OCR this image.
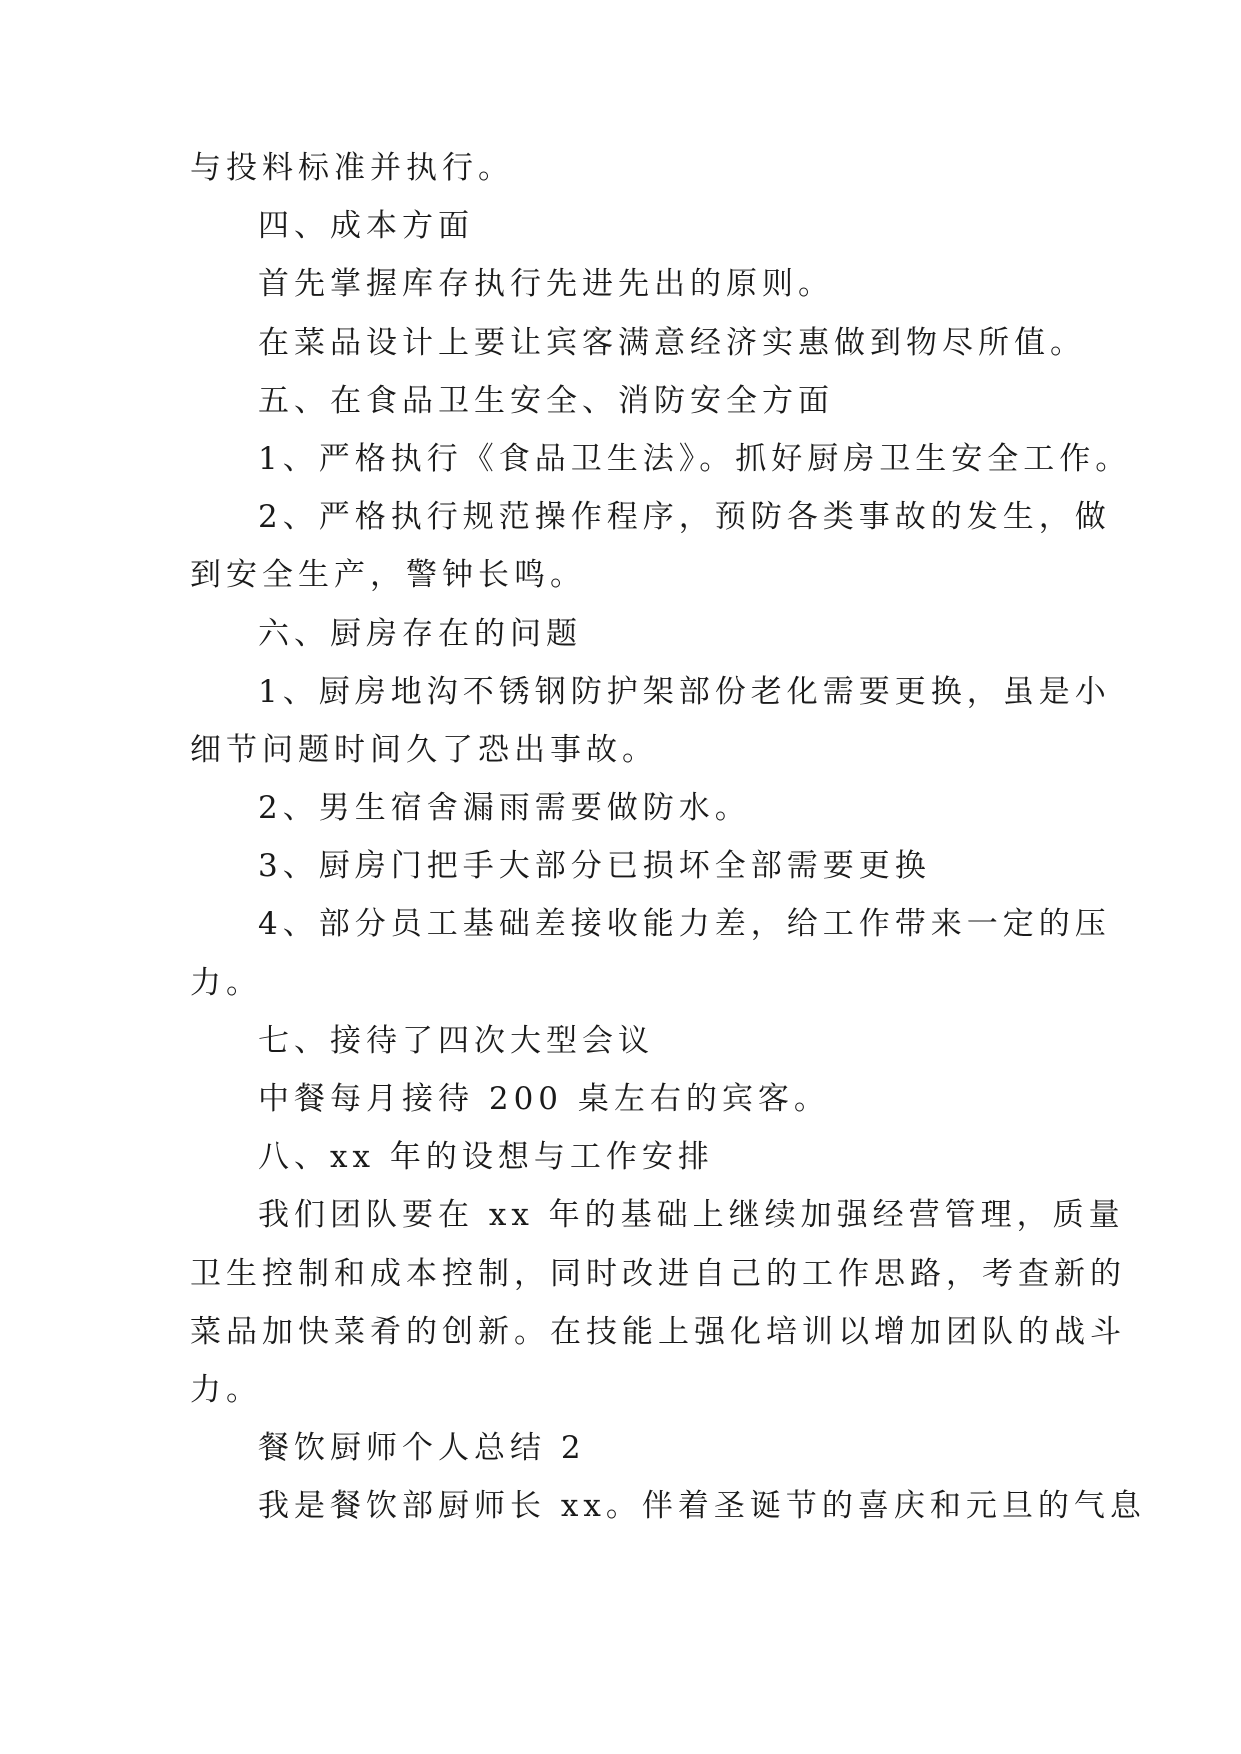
与投料标准并执行。
四、成本方面
首先掌握库存执行先进先出的原则。
在菜品设计上要让宾客满意经济实惠做到物尽所值。
五、在食品卫生安全、消防安全方面
1、严格执行《食品卫生法》。抓好厨房卫生安全工作。
2、严格执行规范操作程序，预防各类事故的发生，做
到安全生产，警钟长鸣。
六、厨房存在的问题
1、厨房地沟不锈钢防护架部份老化需要更换，虽是小
细节问题时间久了恐出事故。
2、男生宿舍漏雨需要做防水。
3、厨房门把手大部分已损坏全部需要更换
4、部分员工基础差接收能力差，给工作带来一定的压
力。
七、接待了四次大型会议
中餐每月接待 200 桌左右的宾客。
八、xx 年的设想与工作安排
我们团队要在 xx 年的基础上继续加强经营管理，质量
卫生控制和成本控制，同时改进自己的工作思路，考查新的
菜品加快菜肴的创新。在技能上强化培训以增加团队的战斗
力。
餐饮厨师个人总结 2
我是餐饮部厨师长 xx。伴着圣诞节的喜庆和元旦的气息
